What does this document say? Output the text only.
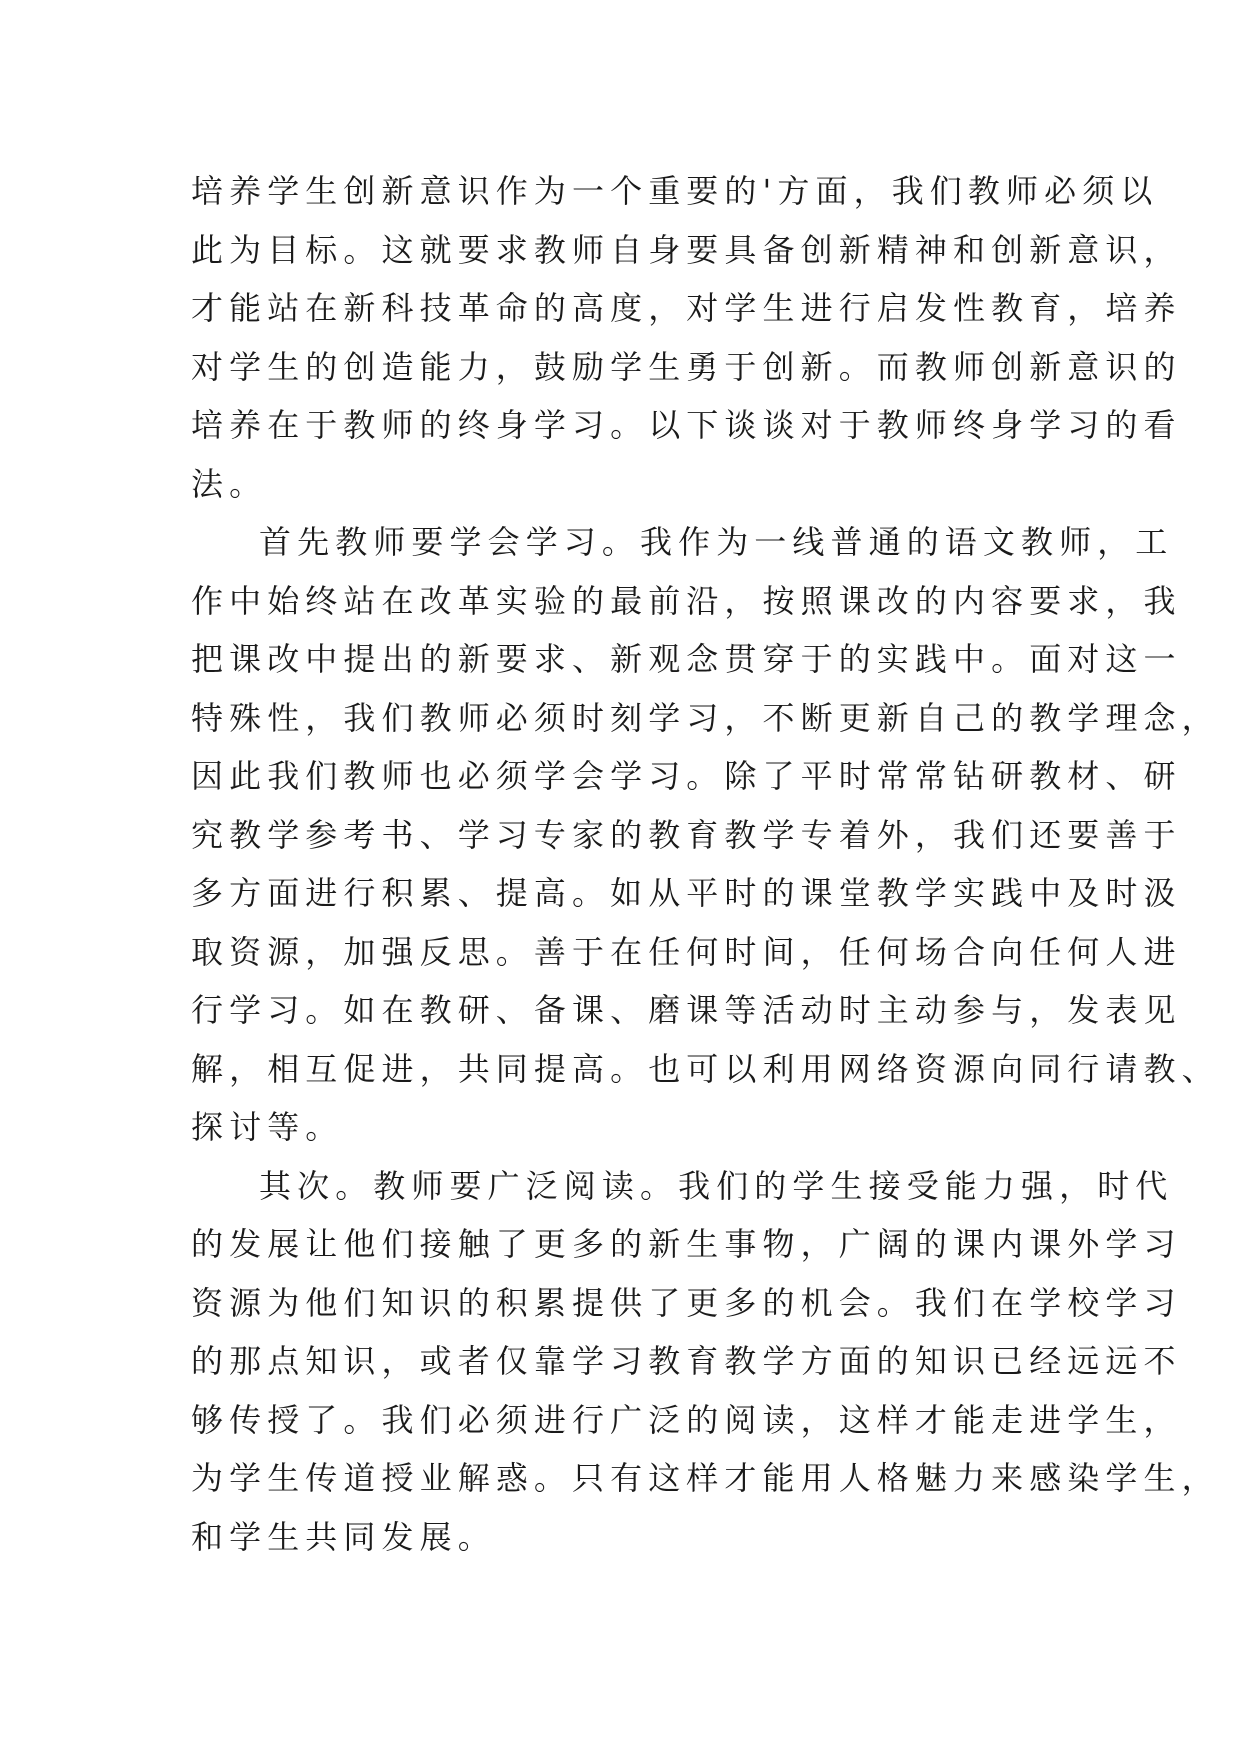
培养学生创新意识作为一个重要的'方面，我们教师必须以
此为目标。这就要求教师自身要具备创新精神和创新意识，
才能站在新科技革命的高度，对学生进行启发性教育，培养
对学生的创造能力，鼓励学生勇于创新。而教师创新意识的
培养在于教师的终身学习。以下谈谈对于教师终身学习的看
法。
首先教师要学会学习。我作为一线普通的语文教师，工
作中始终站在改革实验的最前沿，按照课改的内容要求，我
把课改中提出的新要求、新观念贯穿于的实践中。面对这一
特殊性，我们教师必须时刻学习，不断更新自己的教学理念，
因此我们教师也必须学会学习。除了平时常常钻研教材、研
究教学参考书、学习专家的教育教学专着外，我们还要善于
多方面进行积累、提高。如从平时的课堂教学实践中及时汲
取资源，加强反思。善于在任何时间，任何场合向任何人进
行学习。如在教研、备课、磨课等活动时主动参与，发表见
解，相互促进，共同提高。也可以利用网络资源向同行请教、
探讨等。
其次。教师要广泛阅读。我们的学生接受能力强，时代
的发展让他们接触了更多的新生事物，广阔的课内课外学习
资源为他们知识的积累提供了更多的机会。我们在学校学习
的那点知识，或者仅靠学习教育教学方面的知识已经远远不
够传授了。我们必须进行广泛的阅读，这样才能走进学生，
为学生传道授业解惑。只有这样才能用人格魅力来感染学生，
和学生共同发展。
